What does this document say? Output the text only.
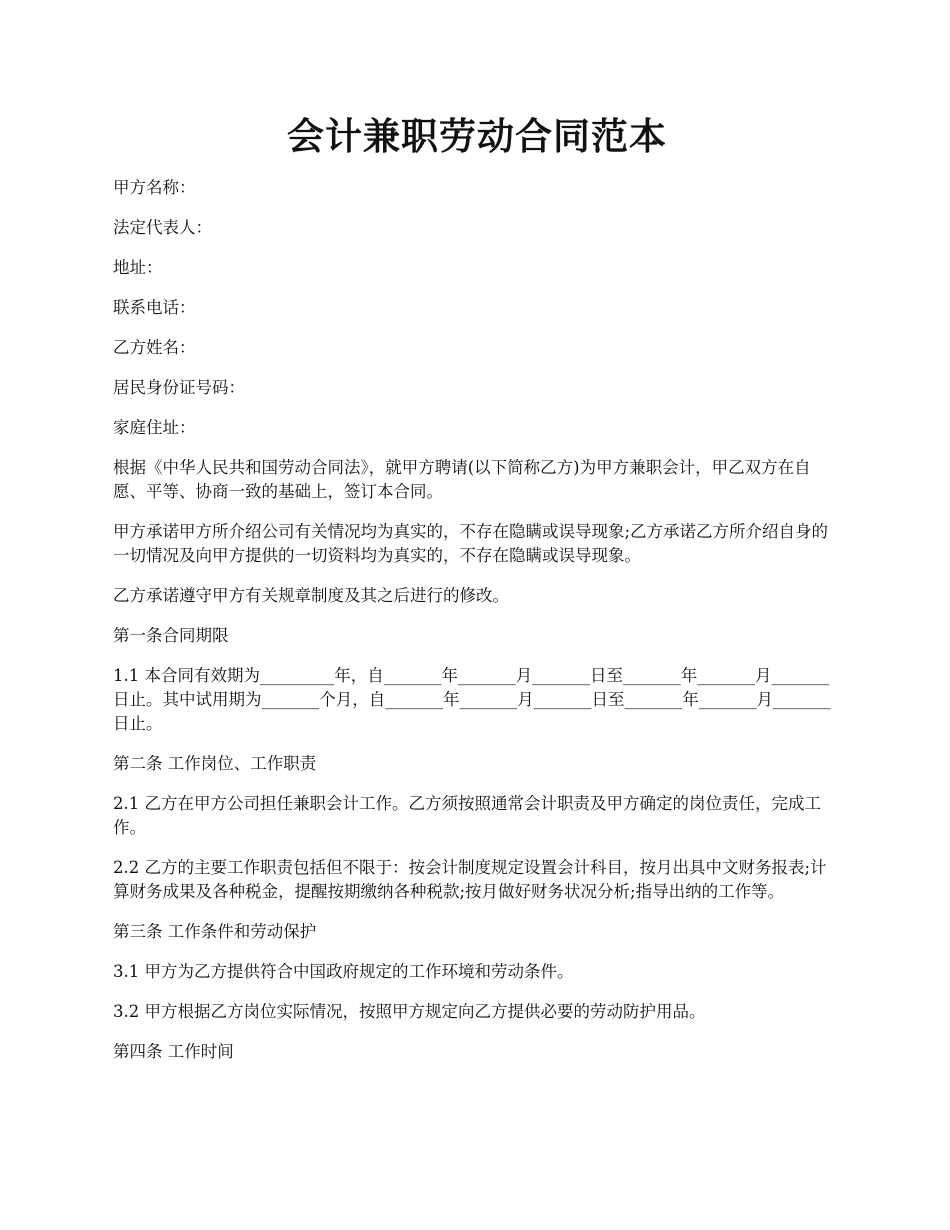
会计兼职劳动合同范本

甲方名称：

法定代表人：

地址：

联系电话：

乙方姓名：

居民身份证号码：

家庭住址：

根据《中华人民共和国劳动合同法》，就甲方聘请(以下简称乙方)为甲方兼职会计，甲乙双方在自愿、平等、协商一致的基础上，签订本合同。

甲方承诺甲方所介绍公司有关情况均为真实的，不存在隐瞒或误导现象;乙方承诺乙方所介绍自身的一切情况及向甲方提供的一切资料均为真实的，不存在隐瞒或误导现象。

乙方承诺遵守甲方有关规章制度及其之后进行的修改。

第一条合同期限

1.1 本合同有效期为_________年，自_______年_______月_______日至_______年_______月_______日止。其中试用期为_______个月，自_______年_______月_______日至_______年_______月_______日止。

第二条 工作岗位、工作职责

2.1 乙方在甲方公司担任兼职会计工作。乙方须按照通常会计职责及甲方确定的岗位责任，完成工作。

2.2 乙方的主要工作职责包括但不限于：按会计制度规定设置会计科目，按月出具中文财务报表;计算财务成果及各种税金，提醒按期缴纳各种税款;按月做好财务状况分析;指导出纳的工作等。

第三条 工作条件和劳动保护

3.1 甲方为乙方提供符合中国政府规定的工作环境和劳动条件。

3.2 甲方根据乙方岗位实际情况，按照甲方规定向乙方提供必要的劳动防护用品。

第四条 工作时间
